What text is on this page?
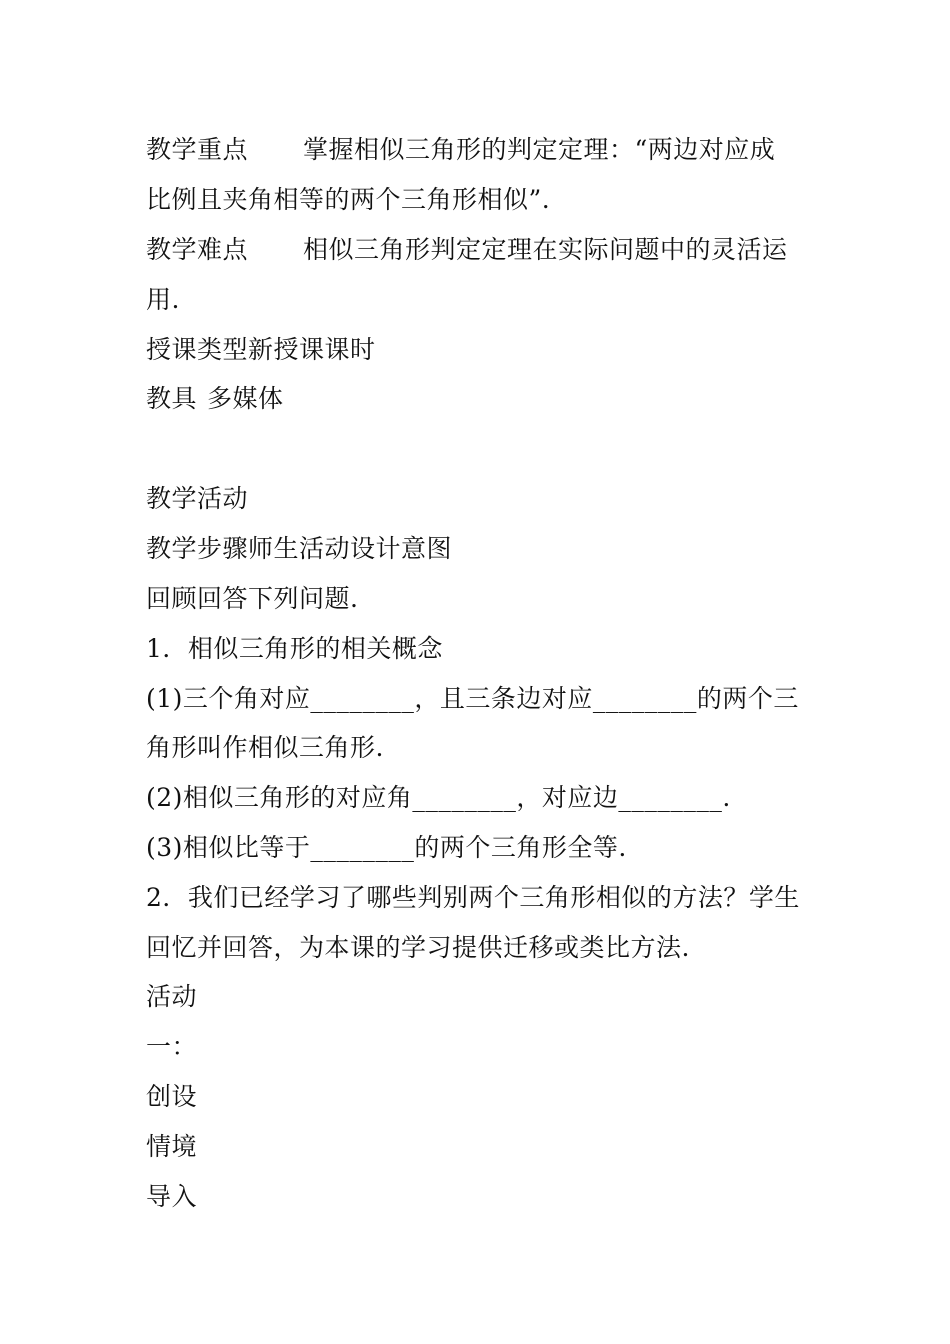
教学重点 掌握相似三角形的判定定理：“两边对应成
比例且夹角相等的两个三角形相似”.
教学难点 相似三角形判定定理在实际问题中的灵活运
用.
授课类型新授课课时
教具 多媒体
教学活动
教学步骤师生活动设计意图
回顾回答下列问题.
1．相似三角形的相关概念
(1)三个角对应________，且三条边对应________的两个三
角形叫作相似三角形.
(2)相似三角形的对应角________，对应边________.
(3)相似比等于________的两个三角形全等.
2．我们已经学习了哪些判别两个三角形相似的方法？学生
回忆并回答，为本课的学习提供迁移或类比方法.
活动
一：
创设
情境
导入
